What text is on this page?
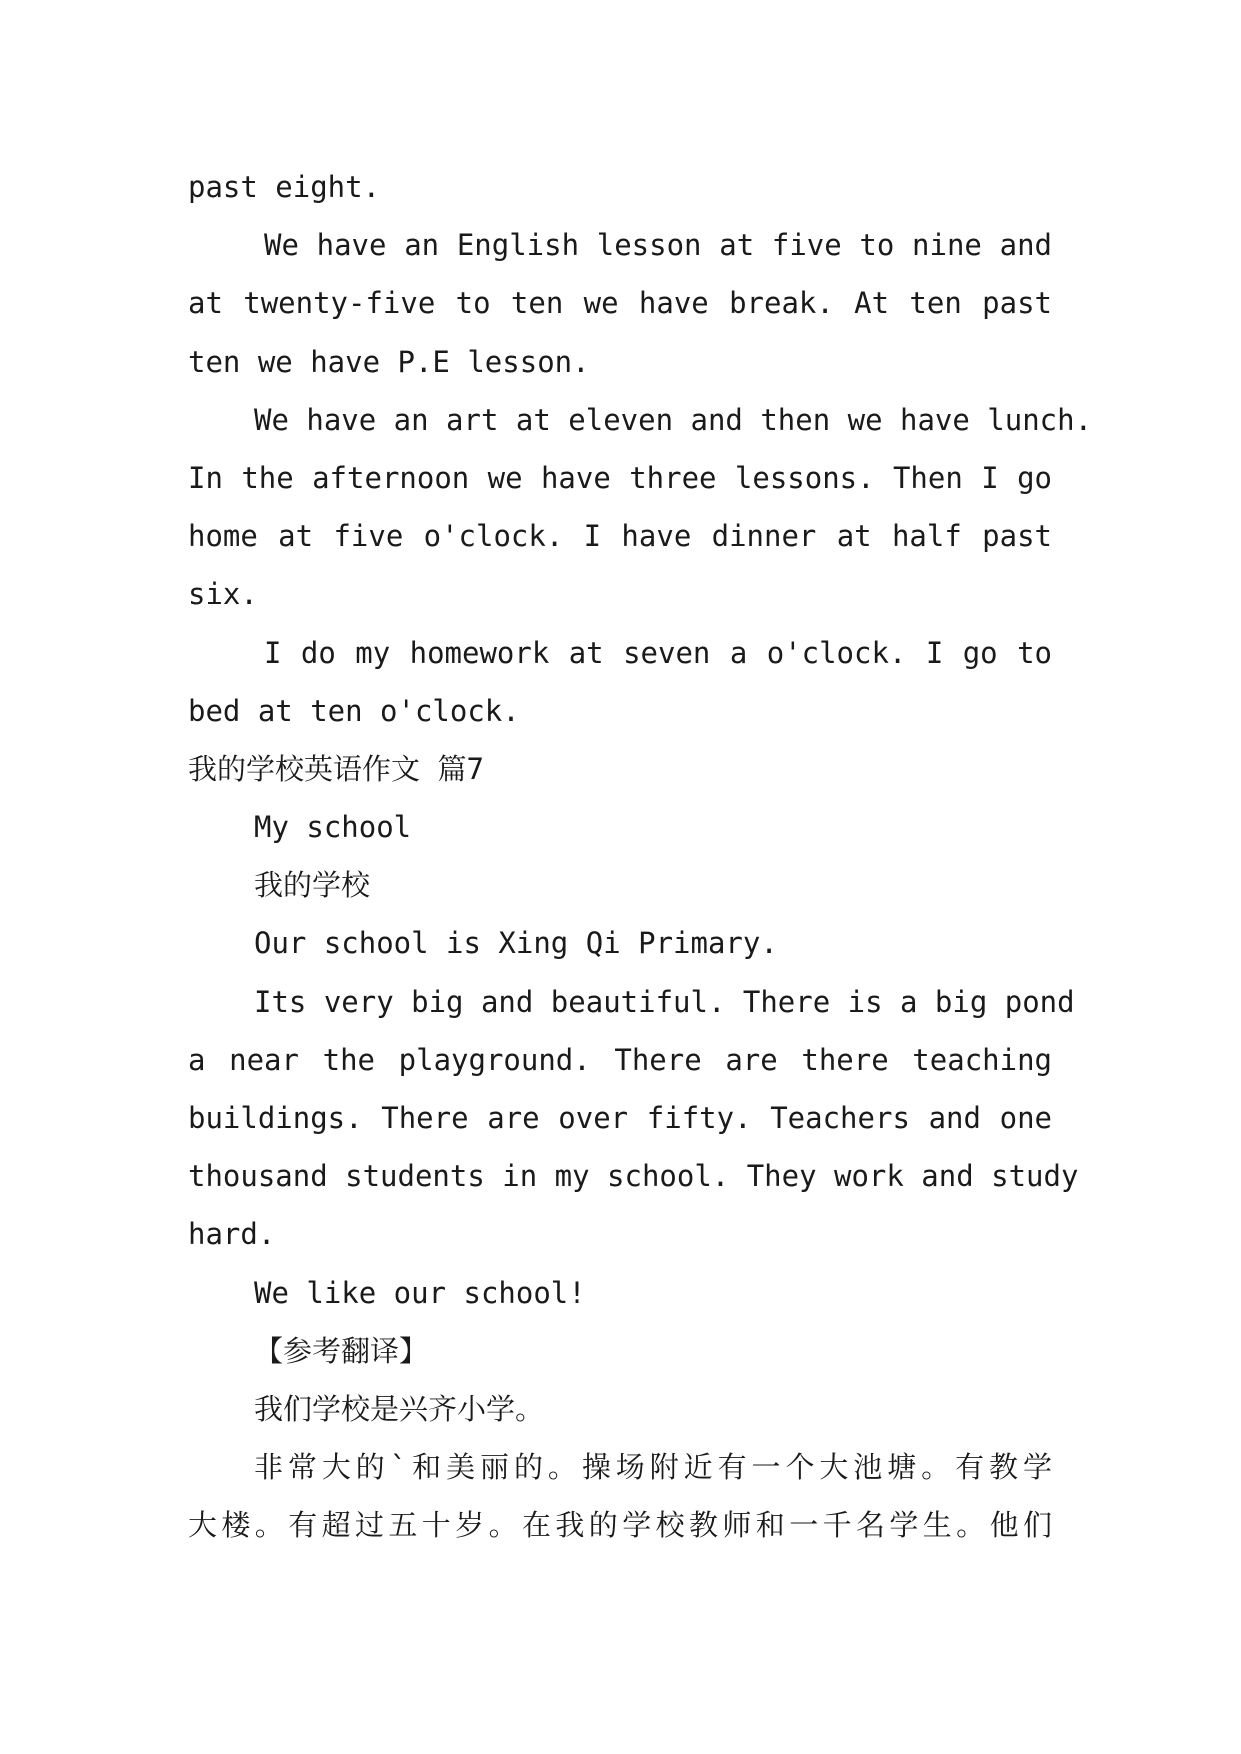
past eight.
We have an English lesson at five to nine and
at twenty-five to ten we have break. At ten past
ten we have P.E lesson.
We have an art at eleven and then we have lunch.
In the afternoon we have three lessons. Then I go
home at five o'clock. I have dinner at half past
six.
I do my homework at seven a o'clock. I go to
bed at ten o'clock.
我的学校英语作文 篇7
My school
我的学校
Our school is Xing Qi Primary.
Its very big and beautiful. There is a big pond
a near the playground. There are there teaching
buildings. There are over fifty. Teachers and one
thousand students in my school. They work and study
hard.
We like our school!
【参考翻译】
我们学校是兴齐小学。
非常大的`和美丽的。操场附近有一个大池塘。有教学
大楼。有超过五十岁。在我的学校教师和一千名学生。他们
